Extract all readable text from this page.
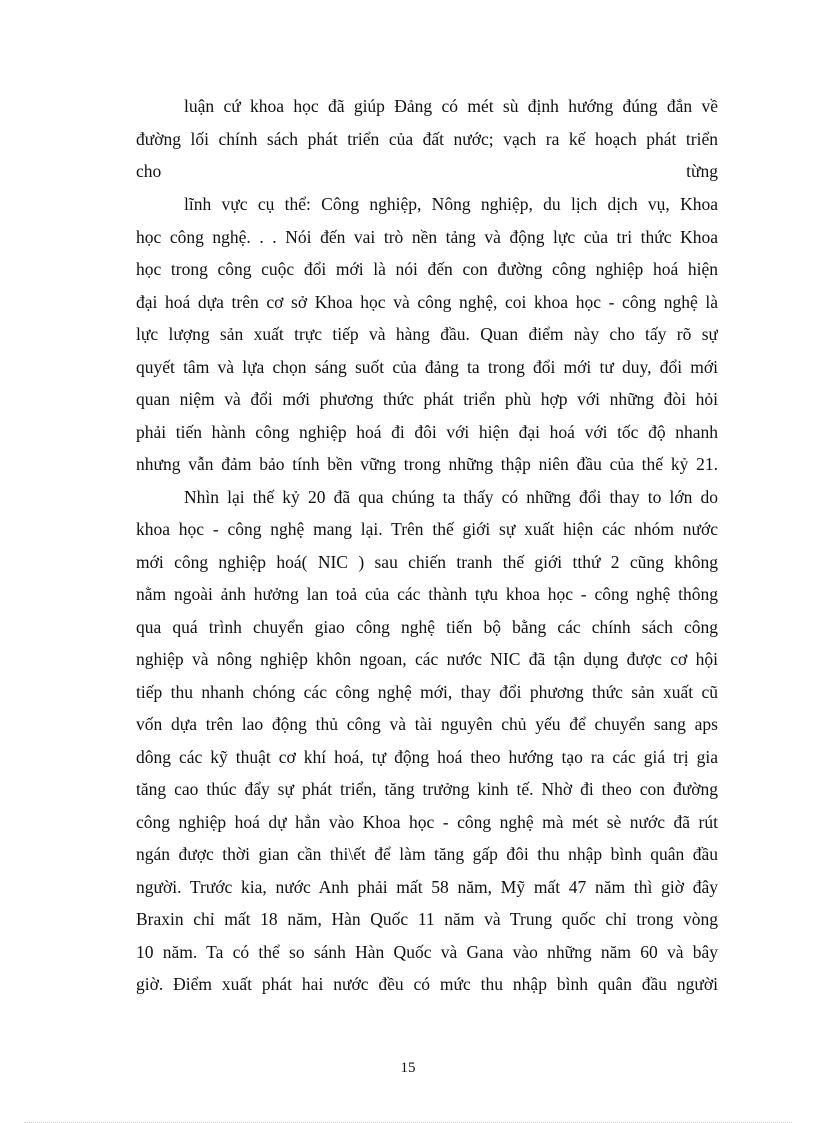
luận cứ khoa học đã giúp Đảng có mét sù định hướng đúng đắn về
đường lối chính sách phát triển của đất nước; vạch ra kế hoạch phát triển
cho	từng
lĩnh vực cụ thể: Công nghiệp, Nông nghiệp, du lịch dịch vụ, Khoa
học công nghệ. . . Nói đến vai trò nền tảng và động lực của tri thức Khoa
học trong công cuộc đổi mới là nói đến con đường công nghiệp hoá hiện
đại hoá dựa trên cơ sở Khoa học và công nghệ, coi khoa học - công nghệ là
lực lượng sản xuất trực tiếp và hàng đầu. Quan điểm này cho tấy rõ sự
quyết tâm và lựa chọn sáng suốt của đảng ta trong đổi mới tư duy, đổi mới
quan niệm và đổi mới phương thức phát triển phù hợp với những đòi hỏi
phải tiến hành công nghiệp hoá đi đôi với hiện đại hoá với tốc độ nhanh
nhưng vẫn đảm bảo tính bền vững trong những thập niên đầu của thế kỷ 21.
Nhìn lại thế kỷ 20 đã qua chúng ta thấy có những đổi thay to lớn do
khoa học - công nghệ mang lại. Trên thế giới sự xuất hiện các nhóm nước
mới công nghiệp hoá( NIC ) sau chiến tranh thế giới tthứ 2 cũng không
nằm ngoài ảnh hưởng lan toả của các thành tựu khoa học - công nghệ thông
qua quá trình chuyển giao công nghệ tiến bộ bằng các chính sách công
nghiệp và nông nghiệp khôn ngoan, các nước NIC đã tận dụng được cơ hội
tiếp thu nhanh chóng các công nghệ mới, thay đổi phương thức sản xuất cũ
vốn dựa trên lao động thủ công và tài nguyên chủ yếu để chuyển sang aps
dông các kỹ thuật cơ khí hoá, tự động hoá theo hướng tạo ra các giá trị gia
tăng cao thúc đẩy sự phát triển, tăng trưởng kinh tế. Nhờ đi theo con đường
công nghiệp hoá dự hẳn vào Khoa học - công nghệ mà mét sè nước đã rút
ngán được thời gian cần thi\ết để làm tăng gấp đôi thu nhập bình quân đầu
người. Trước kia, nước Anh phải mất 58 năm, Mỹ mất 47 năm thì giờ đây
Braxin chỉ mất 18 năm, Hàn Quốc 11 năm và Trung quốc chỉ trong vòng
10 năm. Ta có thể so sánh Hàn Quốc và Gana vào những năm 60 và bây
giờ. Điểm xuất phát hai nước đều có mức thu nhập bình quân đầu người
15
